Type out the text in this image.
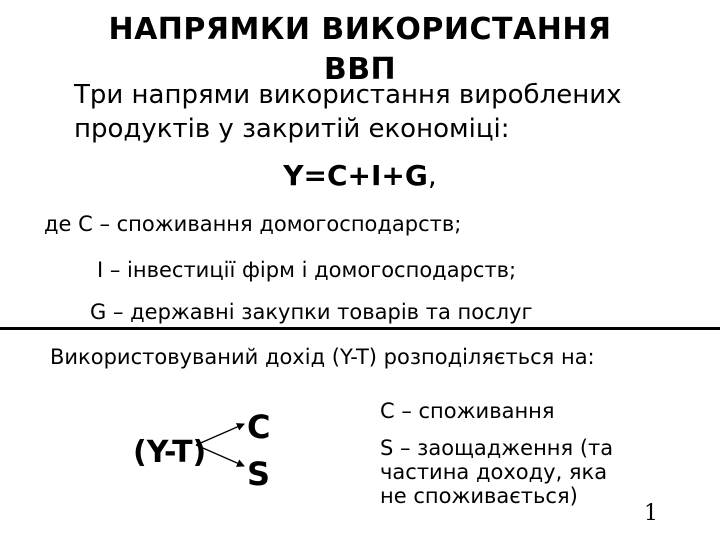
НАПРЯМКИ ВИКОРИСТАННЯ
ВВП
Три напрями використання вироблених
продуктів у закритій економіці:
Y=C+I+G,
де C – споживання домогосподарств;
I – інвестиції фірм і домогосподарств;
G – державні закупки товарів та послуг
Використовуваний дохід (Y-T) розподіляється на:
(Y-T)
C
S
C – споживання
S – заощадження (та
частина доходу, яка
не споживається)
1
